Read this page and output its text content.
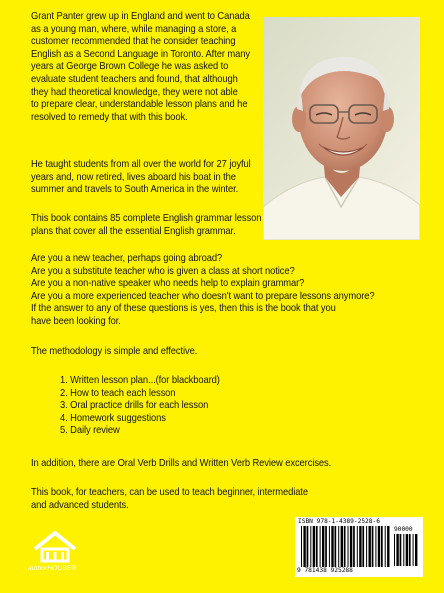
Grant Panter grew up in England and went to Canada
as a young man, where, while managing a store, a
customer recommended that he consider teaching
English as a Second Language in Toronto. After many
years at George Brown College he was asked to
evaluate student teachers and found, that although
they had theoretical knowledge, they were not able
to prepare clear, understandable lesson plans and he
resolved to remedy that with this book.
He taught students from all over the world for 27 joyful
years and, now retired, lives aboard his boat in the
summer and travels to South America in the winter.
This book contains 85 complete English grammar lesson
plans that cover all the essential English grammar.
Are you a new teacher, perhaps going abroad?
Are you a substitute teacher who is given a class at short notice?
Are you a non-native speaker who needs help to explain grammar?
Are you a more experienced teacher who doesn't want to prepare lessons anymore?
If the answer to any of these questions is yes, then this is the book that you
have been looking for.
The methodology is simple and effective.
1. Written lesson plan...(for blackboard)
2. How to teach each lesson
3. Oral practice drills for each lesson
4. Homework suggestions
5. Daily review
In addition, there are Oral Verb Drills and Written Verb Review excercises.
This book, for teachers, can be used to teach beginner, intermediate
and advanced students.
authorHOUSE®
ISBN 978-1-4389-2528-6
90000
9 781438 925288
